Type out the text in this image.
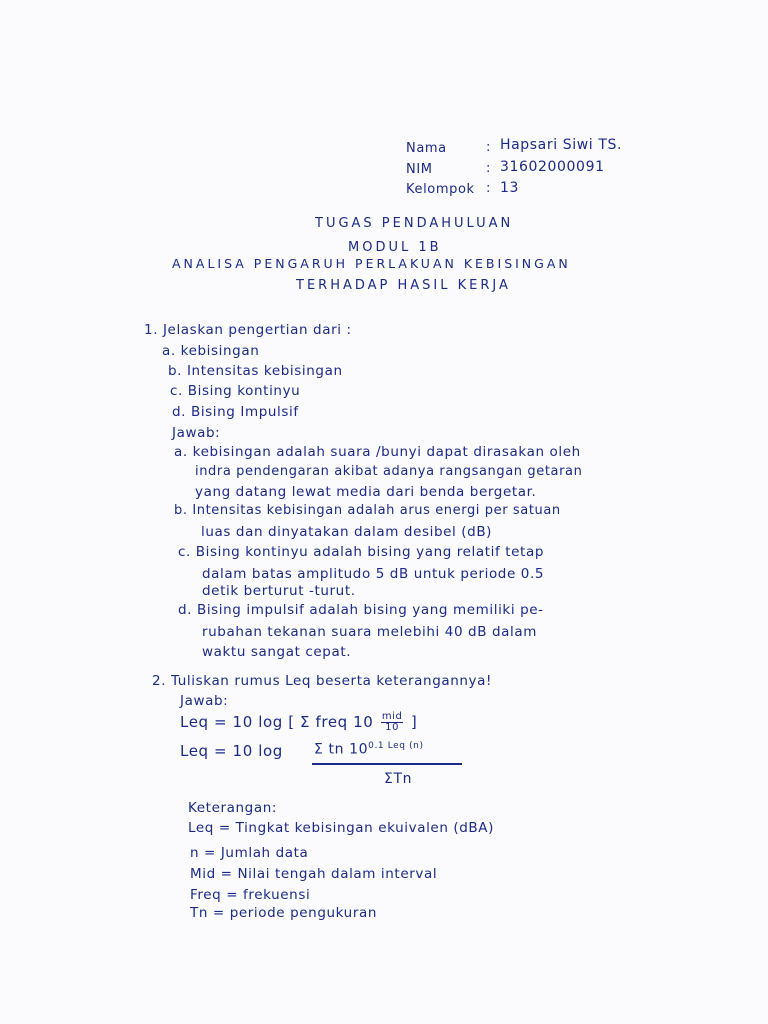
Nama	: Hapsari Siwi TS.
NIM	: 31602000091
Kelompok : 13
TUGAS PENDAHULUAN
MODUL 1B
ANALISA PENGARUH PERLAKUAN KEBISINGAN
TERHADAP HASIL KERJA
1. Jelaskan pengertian dari :
a. kebisingan
b. Intensitas kebisingan
c. Bising kontinyu
d. Bising Impulsif
Jawab:
a. kebisingan adalah suara /bunyi dapat dirasakan oleh
indra pendengaran akibat adanya rangsangan getaran
yang datang lewat media dari benda bergetar.
b. Intensitas kebisingan adalah arus energi per satuan
luas dan dinyatakan dalam desibel (dB)
c. Bising kontinyu adalah bising yang relatif tetap
dalam batas amplitudo 5 dB untuk periode 0.5
detik berturut -turut.
d. Bising impulsif adalah bising yang memiliki pe-
rubahan tekanan suara melebihi 40 dB dalam
waktu sangat cepat.
2. Tuliskan rumus Leq beserta keterangannya!
Jawab:
Leq = 10 log [ Σ freq $10 \frac{\text{mid}}{10}$ ]
Leq = 10 log Σ tn $10^{0.1 Leq (n)}$
ΣTn
Keterangan:
Leq = Tingkat kebisingan ekuivalen (dBA)
n = Jumlah data
Mid = Nilai tengah dalam interval
Freq = frekuensi
Tn = periode pengukuran
